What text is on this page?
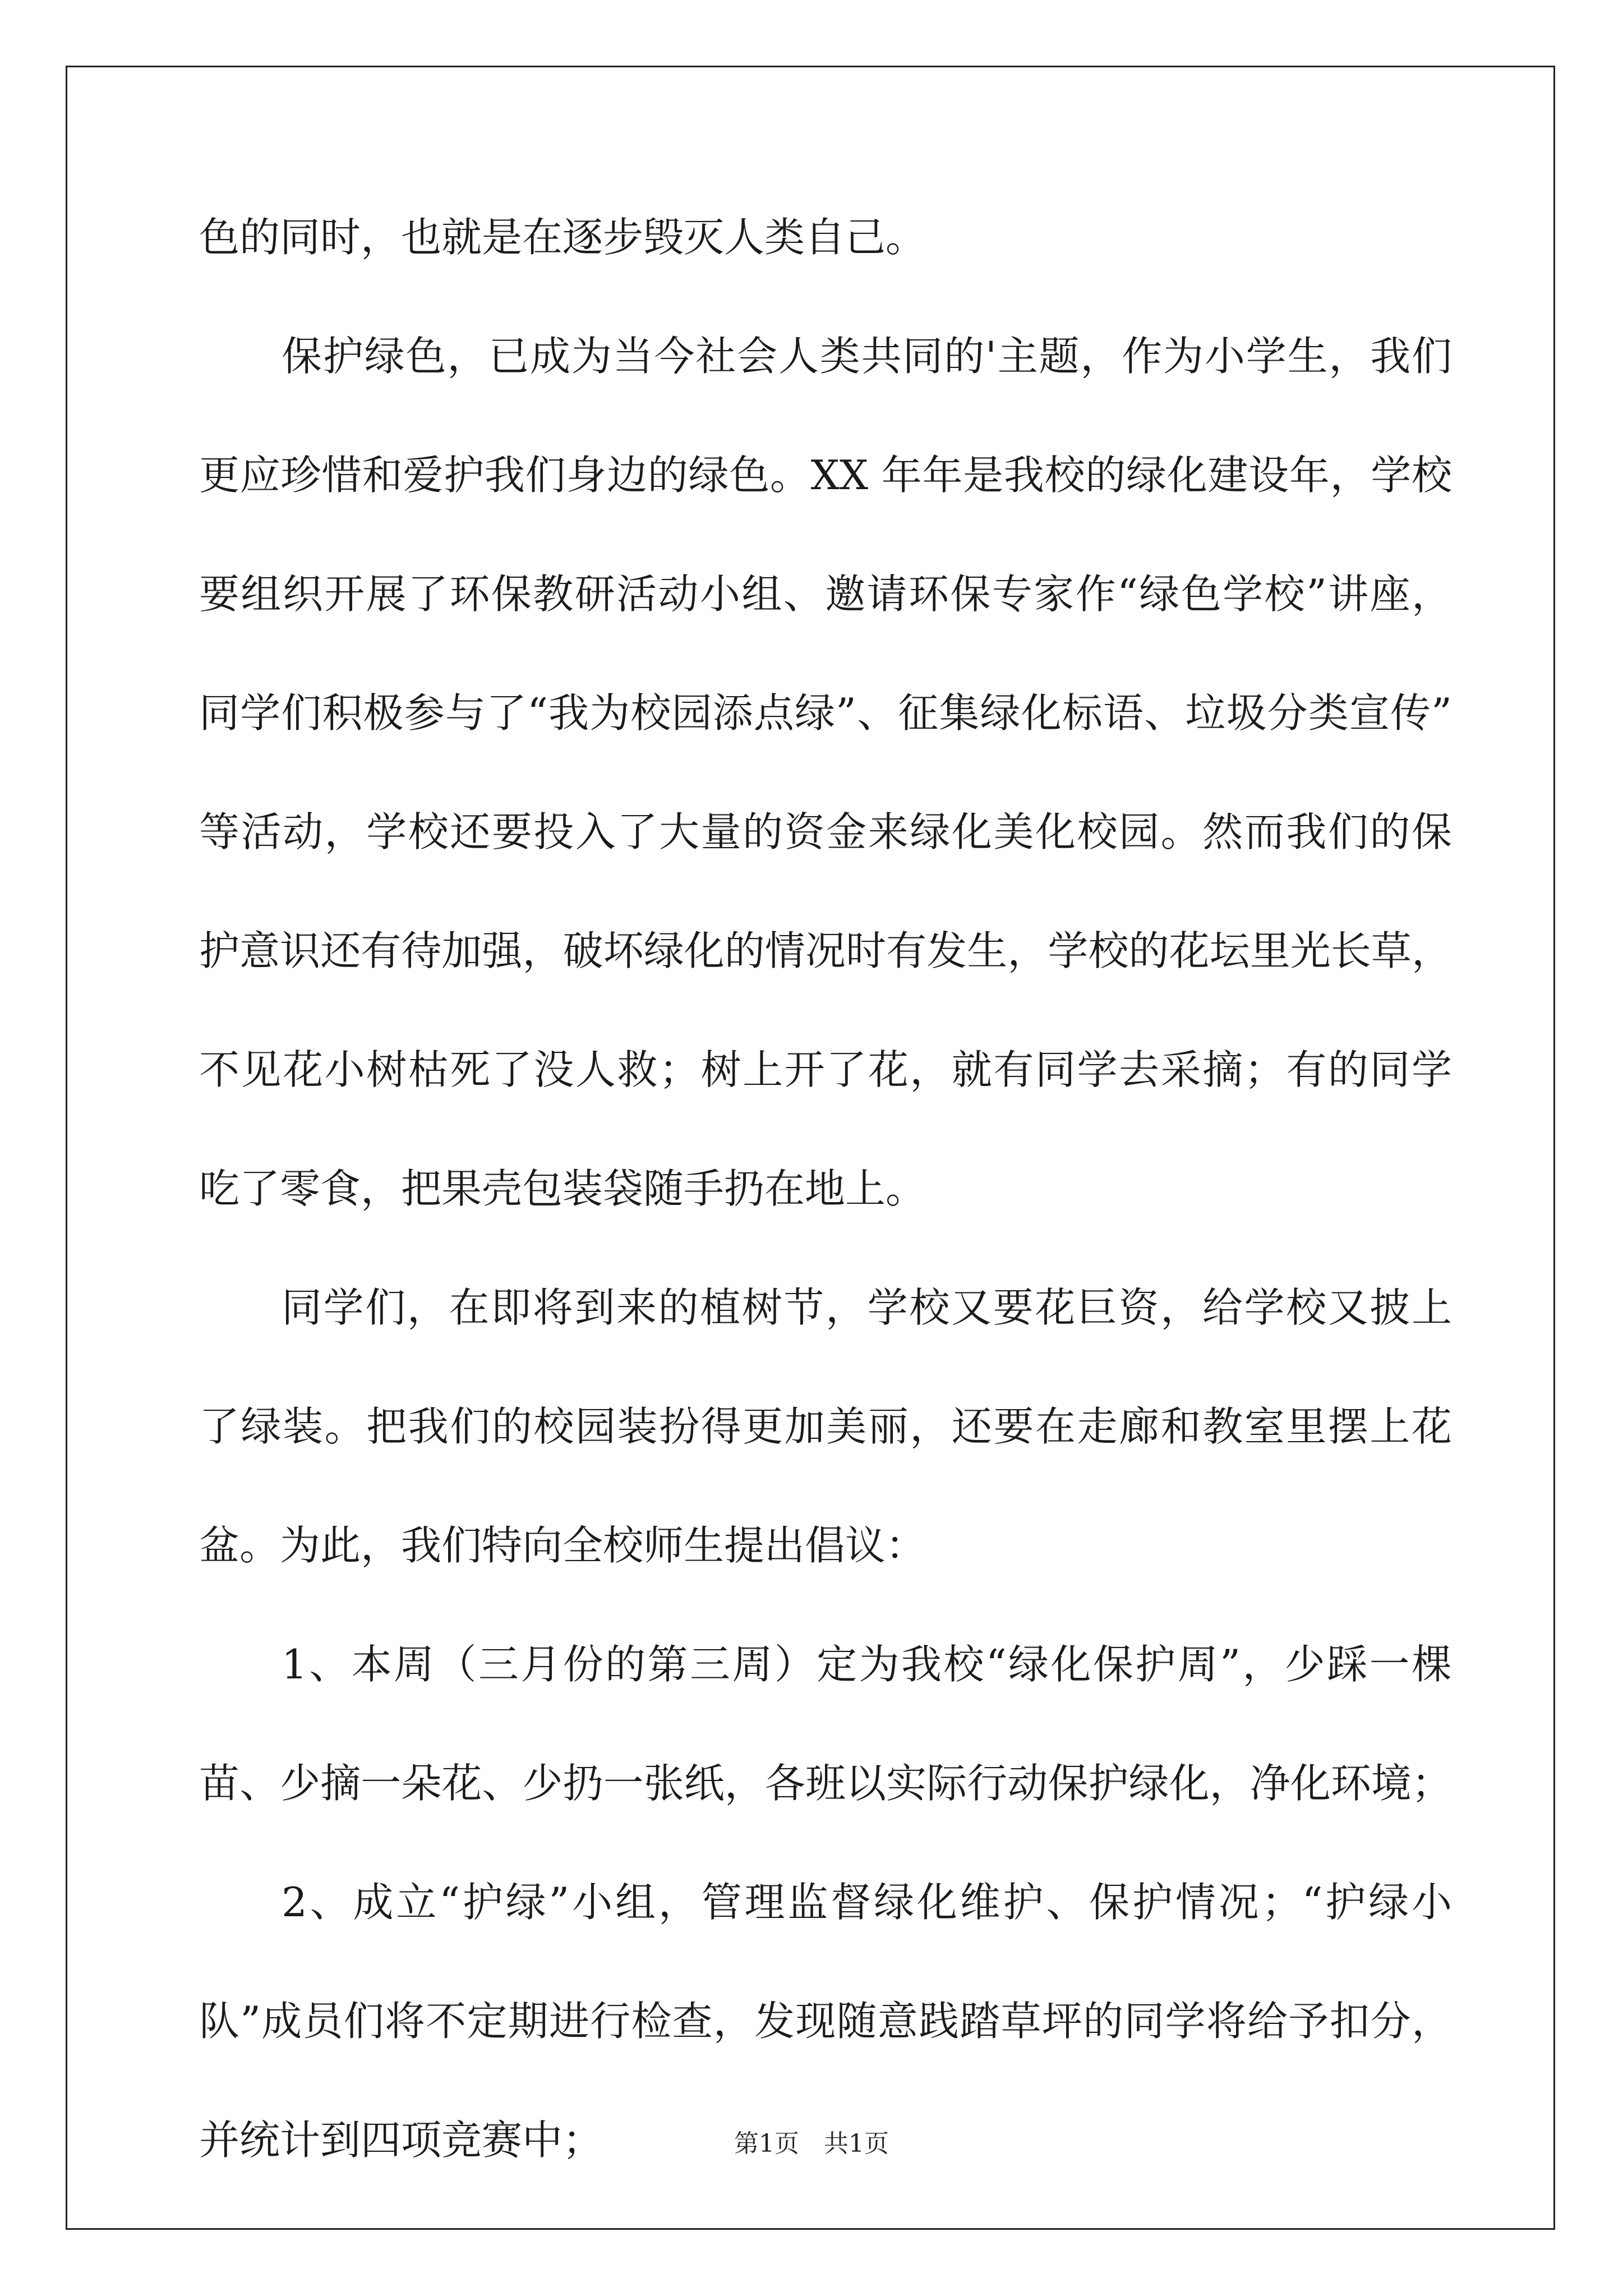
色的同时，也就是在逐步毁灭人类自己。
保护绿色，已成为当今社会人类共同的'主题，作为小学生，我们
更应珍惜和爱护我们身边的绿色。XX 年年是我校的绿化建设年，学校
要组织开展了环保教研活动小组、邀请环保专家作“绿色学校”讲座，
同学们积极参与了“我为校园添点绿”、征集绿化标语、垃圾分类宣传”
等活动，学校还要投入了大量的资金来绿化美化校园。然而我们的保
护意识还有待加强，破坏绿化的情况时有发生，学校的花坛里光长草，
不见花小树枯死了没人救；树上开了花，就有同学去采摘；有的同学
吃了零食，把果壳包装袋随手扔在地上。
同学们，在即将到来的植树节，学校又要花巨资，给学校又披上
了绿装。把我们的校园装扮得更加美丽，还要在走廊和教室里摆上花
盆。为此，我们特向全校师生提出倡议：
1、本周（三月份的第三周）定为我校“绿化保护周”，少踩一棵
苗、少摘一朵花、少扔一张纸，各班以实际行动保护绿化，净化环境；
2、成立“护绿”小组，管理监督绿化维护、保护情况；“护绿小
队”成员们将不定期进行检查，发现随意践踏草坪的同学将给予扣分，
并统计到四项竞赛中；	第1页　共1页
